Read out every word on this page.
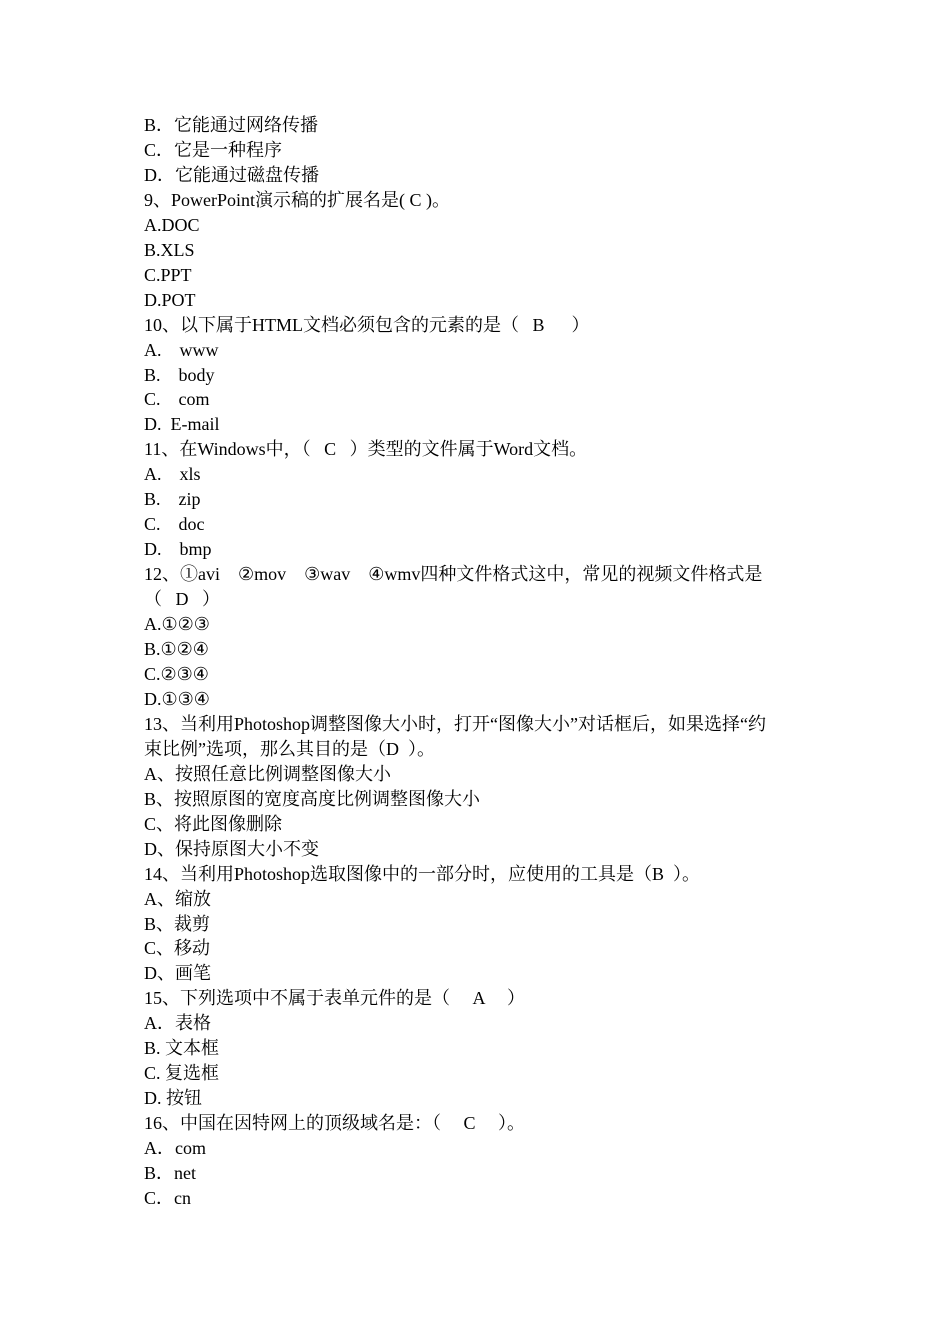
B．它能通过网络传播

C．它是一种程序

D．它能通过磁盘传播

9、PowerPoint演示稿的扩展名是( C )。

A.DOC

B.XLS

C.PPT

D.POT

10、以下属于HTML文档必须包含的元素的是（   B      ）

A.    www

B.    body

C.    com

D.  E-mail

11、在Windows中，（   C   ）类型的文件属于Word文档。

A.    xls

B.    zip

C.    doc

D.    bmp

12、①avi    ②mov    ③wav    ④wmv四种文件格式这中，常见的视频文件格式是

（   D   ）

A.①②③

B.①②④

C.②③④

D.①③④

13、当利用Photoshop调整图像大小时，打开“图像大小”对话框后，如果选择“约

束比例”选项，那么其目的是（D  ）。

A、按照任意比例调整图像大小

B、按照原图的宽度高度比例调整图像大小

C、将此图像删除

D、保持原图大小不变

14、当利用Photoshop选取图像中的一部分时，应使用的工具是（B  ）。

A、缩放

B、裁剪

C、移动

D、画笔

15、下列选项中不属于表单元件的是（     A     ）

A．表格

B. 文本框

C. 复选框

D. 按钮

16、中国在因特网上的顶级域名是：（     C     ）。

A．com

B．net

C．cn
